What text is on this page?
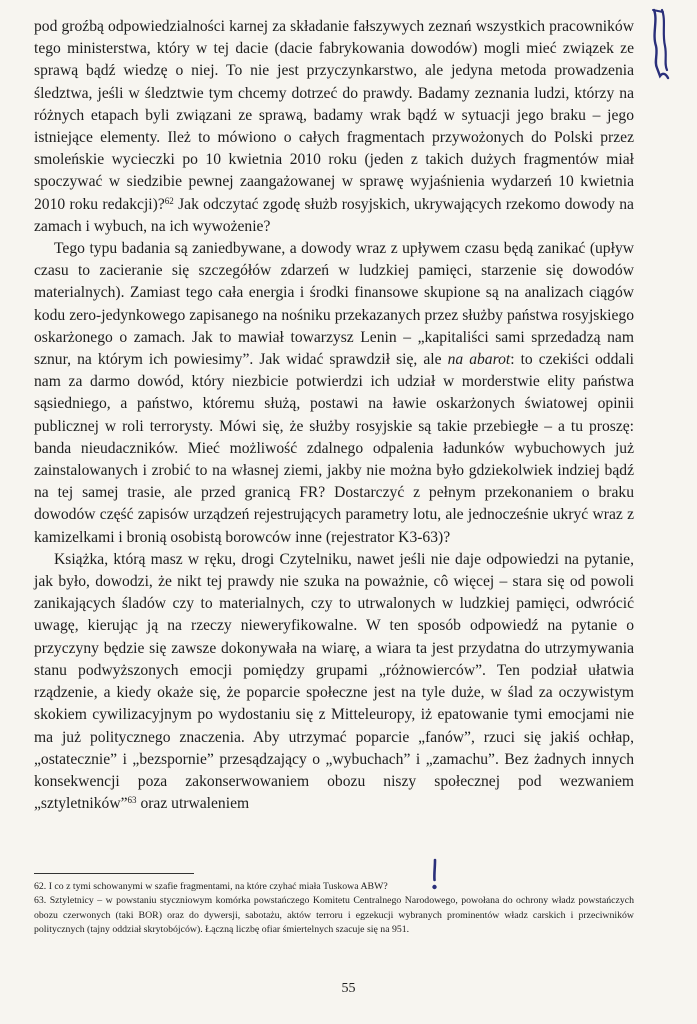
pod groźbą odpowiedzialności karnej za składanie fałszywych zeznań wszystkich pracowników tego ministerstwa, który w tej dacie (dacie fabrykowania dowodów) mogli mieć związek ze sprawą bądź wiedzę o niej. To nie jest przyczynkarstwo, ale jedyna metoda prowadzenia śledztwa, jeśli w śledztwie tym chcemy dotrzeć do prawdy. Badamy zeznania ludzi, którzy na różnych etapach byli związani ze sprawą, badamy wrak bądź w sytuacji jego braku – jego istniejące elementy. Ileż to mówiono o całych fragmentach przywożonych do Polski przez smoleńskie wycieczki po 10 kwietnia 2010 roku (jeden z takich dużych fragmentów miał spoczywać w siedzibie pewnej zaangażowanej w sprawę wyjaśnienia wydarzeń 10 kwietnia 2010 roku redakcji)?$^{62}$ Jak odczytać zgodę służb rosyjskich, ukrywających rzekomo dowody na zamach i wybuch, na ich wywożenie?

Tego typu badania są zaniedbywane, a dowody wraz z upływem czasu będą zanikać (upływ czasu to zacieranie się szczegółów zdarzeń w ludzkiej pamięci, starzenie się dowodów materialnych). Zamiast tego cała energia i środki finansowe skupione są na analizach ciągów kodu zero-jedynkowego zapisanego na nośniku przekazanych przez służby państwa rosyjskiego oskarżonego o zamach. Jak to mawiał towarzysz Lenin – „kapitaliści sami sprzedadzą nam sznur, na którym ich powiesimy”. Jak widać sprawdził się, ale na abarot: to czekiści oddali nam za darmo dowód, który niezbicie potwierdzi ich udział w morderstwie elity państwa sąsiedniego, a państwo, któremu służą, postawi na ławie oskarżonych światowej opinii publicznej w roli terrorysty. Mówi się, że służby rosyjskie są takie przebiegłe – a tu proszę: banda nieudaczników. Mieć możliwość zdalnego odpalenia ładunków wybuchowych już zainstalowanych i zrobić to na własnej ziemi, jakby nie można było gdziekolwiek indziej bądź na tej samej trasie, ale przed granicą FR? Dostarczyć z pełnym przekonaniem o braku dowodów część zapisów urządzeń rejestrujących parametry lotu, ale jednocześnie ukryć wraz z kamizelkami i bronią osobistą borowców inne (rejestrator K3-63)?

Książka, którą masz w ręku, drogi Czytelniku, nawet jeśli nie daje odpowiedzi na pytanie, jak było, dowodzi, że nikt tej prawdy nie szuka na poważnie, cô więcej – stara się od powoli zanikających śladów czy to materialnych, czy to utrwalonych w ludzkiej pamięci, odwrócić uwagę, kierując ją na rzeczy nieweryfikowalne. W ten sposób odpowiedź na pytanie o przyczyny będzie się zawsze dokonywała na wiarę, a wiara ta jest przydatna do utrzymywania stanu podwyższonych emocji pomiędzy grupami „różnowierców”. Ten podział ułatwia rządzenie, a kiedy okaże się, że poparcie społeczne jest na tyle duże, w ślad za oczywistym skokiem cywilizacyjnym po wydostaniu się z Mitteleuropy, iż epatowanie tymi emocjami nie ma już politycznego znaczenia. Aby utrzymać poparcie „fanów”, rzuci się jakiś ochłap, „ostatecznie” i „bezspornie” przesądzający o „wybuchach” i „zamachu”. Bez żadnych innych konsekwencji poza zakonserwowaniem obozu niszy społecznej pod wezwaniem „sztyletników”$^{63}$ oraz utrwaleniem

62. I co z tymi schowanymi w szafie fragmentami, na które czyhać miała Tuskowa ABW?

63. Sztyletnicy – w powstaniu styczniowym komórka powstańczego Komitetu Centralnego Narodowego, powołana do ochrony władz powstańczych obozu czerwonych (taki BOR) oraz do dywersji, sabotażu, aktów terroru i egzekucji wybranych prominentów władz carskich i przeciwników politycznych (tajny oddział skrytobójców). Łączną liczbę ofiar śmiertelnych szacuje się na 951.

55
